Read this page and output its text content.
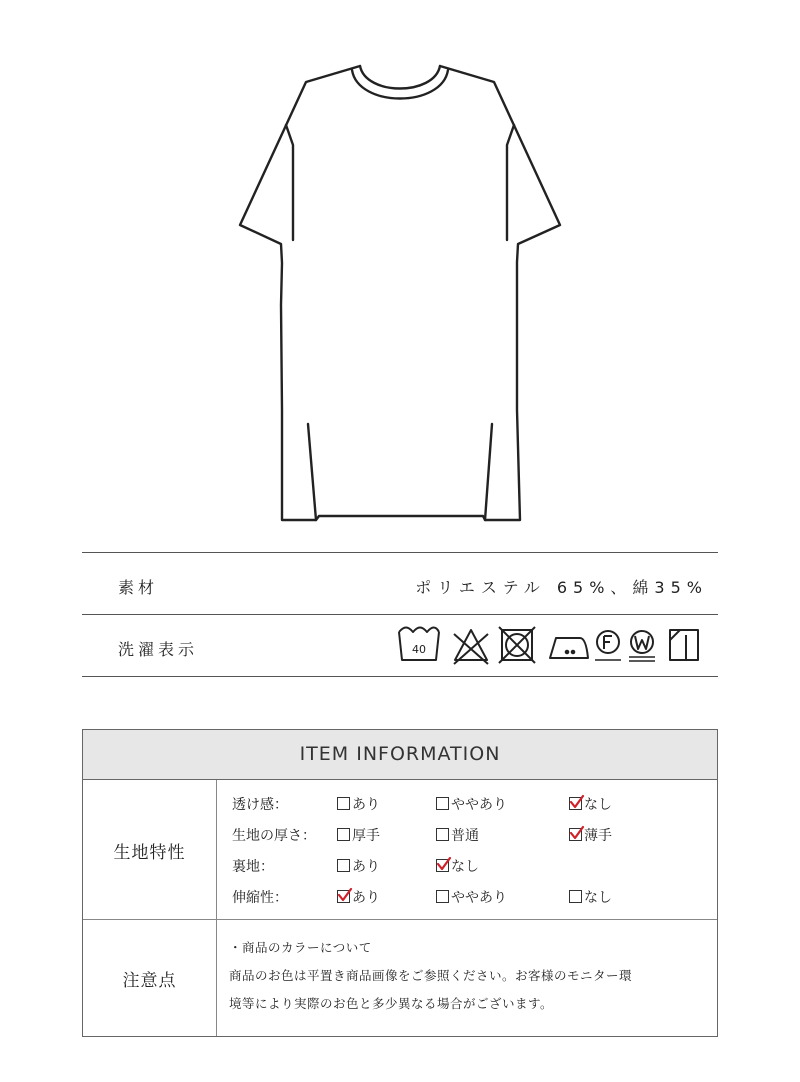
素材	ポリエステル 65%、綿35%
洗濯表示	40
ITEM INFORMATION
生地特性
透け感：	あり	ややあり	なし
生地の厚さ：	厚手	普通	薄手
裏地：	あり	なし
伸縮性：	あり	ややあり	なし
注意点
・商品のカラーについて
商品のお色は平置き商品画像をご参照ください。お客様のモニター環
境等により実際のお色と多少異なる場合がございます。
